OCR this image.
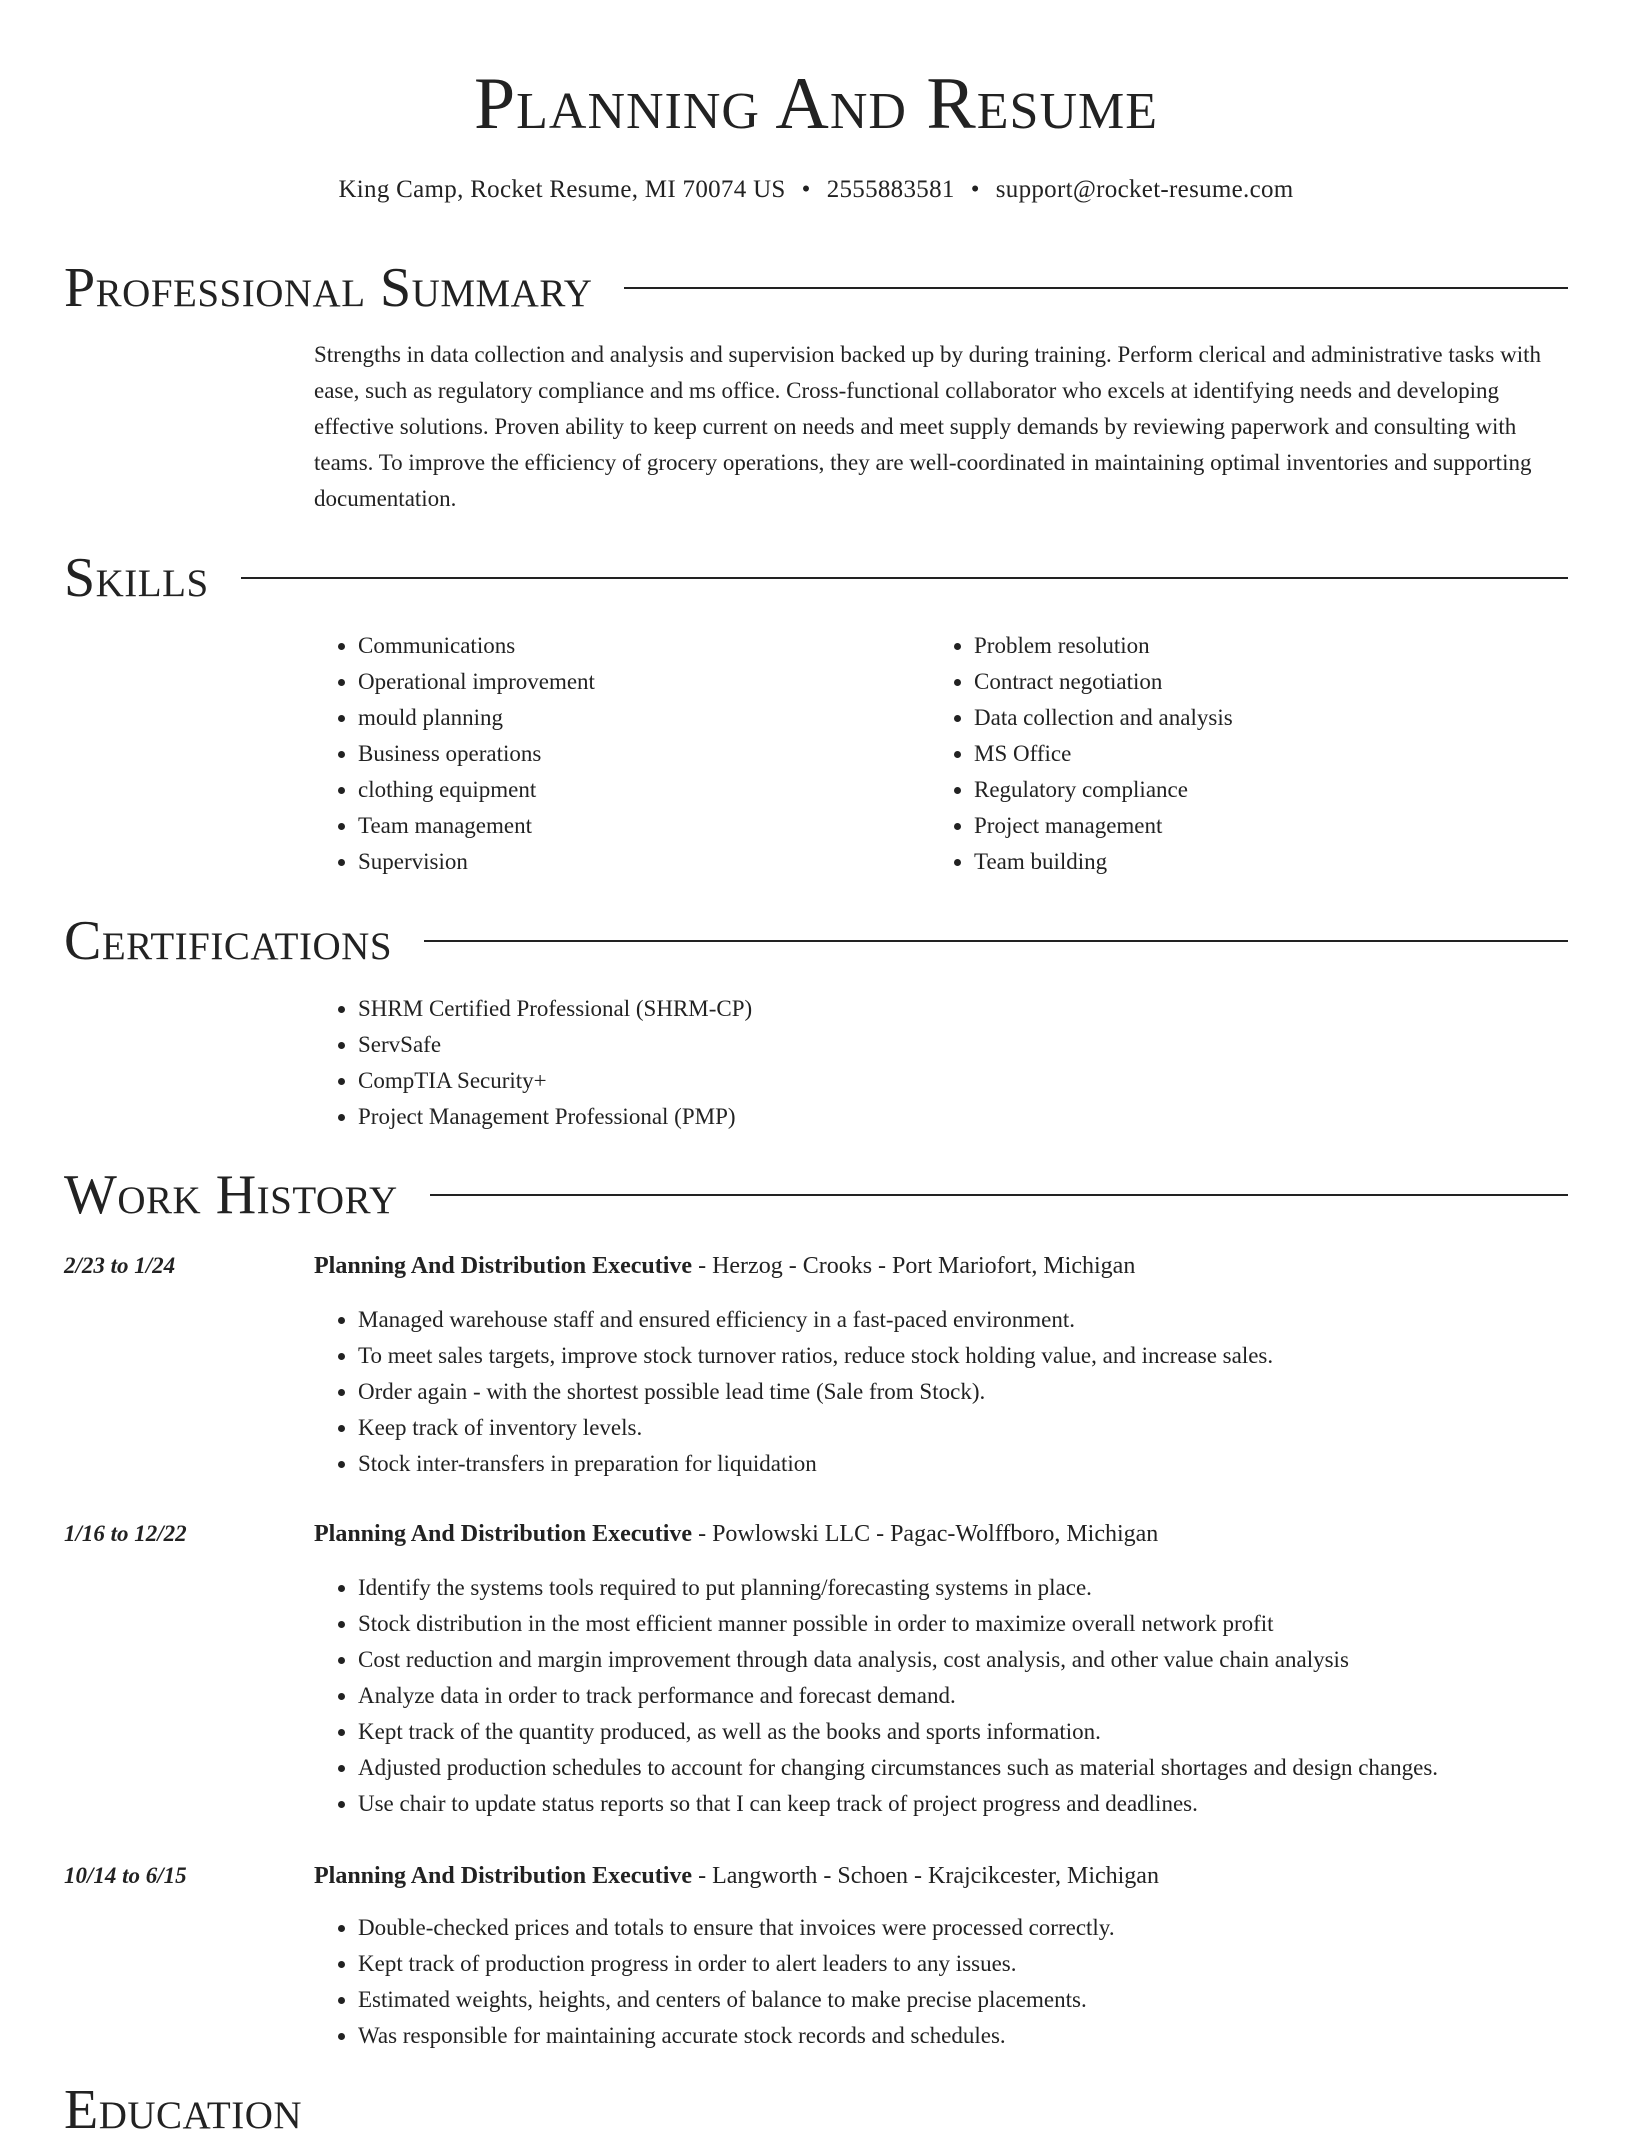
Planning And Resume
King Camp, Rocket Resume, MI 70074 US • 2555883581 • support@rocket-resume.com
Professional Summary

Strengths in data collection and analysis and supervision backed up by during training. Perform clerical and administrative tasks with ease, such as regulatory compliance and ms office. Cross-functional collaborator who excels at identifying needs and developing effective solutions. Proven ability to keep current on needs and meet supply demands by reviewing paperwork and consulting with teams. To improve the efficiency of grocery operations, they are well-coordinated in maintaining optimal inventories and supporting documentation.

Skills
• Communications
• Operational improvement
• mould planning
• Business operations
• clothing equipment
• Team management
• Supervision
• Problem resolution
• Contract negotiation
• Data collection and analysis
• MS Office
• Regulatory compliance
• Project management
• Team building
Certifications
• SHRM Certified Professional (SHRM-CP)
• ServSafe
• CompTIA Security+
• Project Management Professional (PMP)
Work History
2/23 to 1/24	Planning And Distribution Executive - Herzog - Crooks - Port Mariofort, Michigan
• Managed warehouse staff and ensured efficiency in a fast-paced environment.
• To meet sales targets, improve stock turnover ratios, reduce stock holding value, and increase sales.
• Order again - with the shortest possible lead time (Sale from Stock).
• Keep track of inventory levels.
• Stock inter-transfers in preparation for liquidation
1/16 to 12/22	Planning And Distribution Executive - Powlowski LLC - Pagac-Wolffboro, Michigan
• Identify the systems tools required to put planning/forecasting systems in place.
• Stock distribution in the most efficient manner possible in order to maximize overall network profit
• Cost reduction and margin improvement through data analysis, cost analysis, and other value chain analysis
• Analyze data in order to track performance and forecast demand.
• Kept track of the quantity produced, as well as the books and sports information.
• Adjusted production schedules to account for changing circumstances such as material shortages and design changes.
• Use chair to update status reports so that I can keep track of project progress and deadlines.
10/14 to 6/15	Planning And Distribution Executive - Langworth - Schoen - Krajcikcester, Michigan
• Double-checked prices and totals to ensure that invoices were processed correctly.
• Kept track of production progress in order to alert leaders to any issues.
• Estimated weights, heights, and centers of balance to make precise placements.
• Was responsible for maintaining accurate stock records and schedules.
Education
